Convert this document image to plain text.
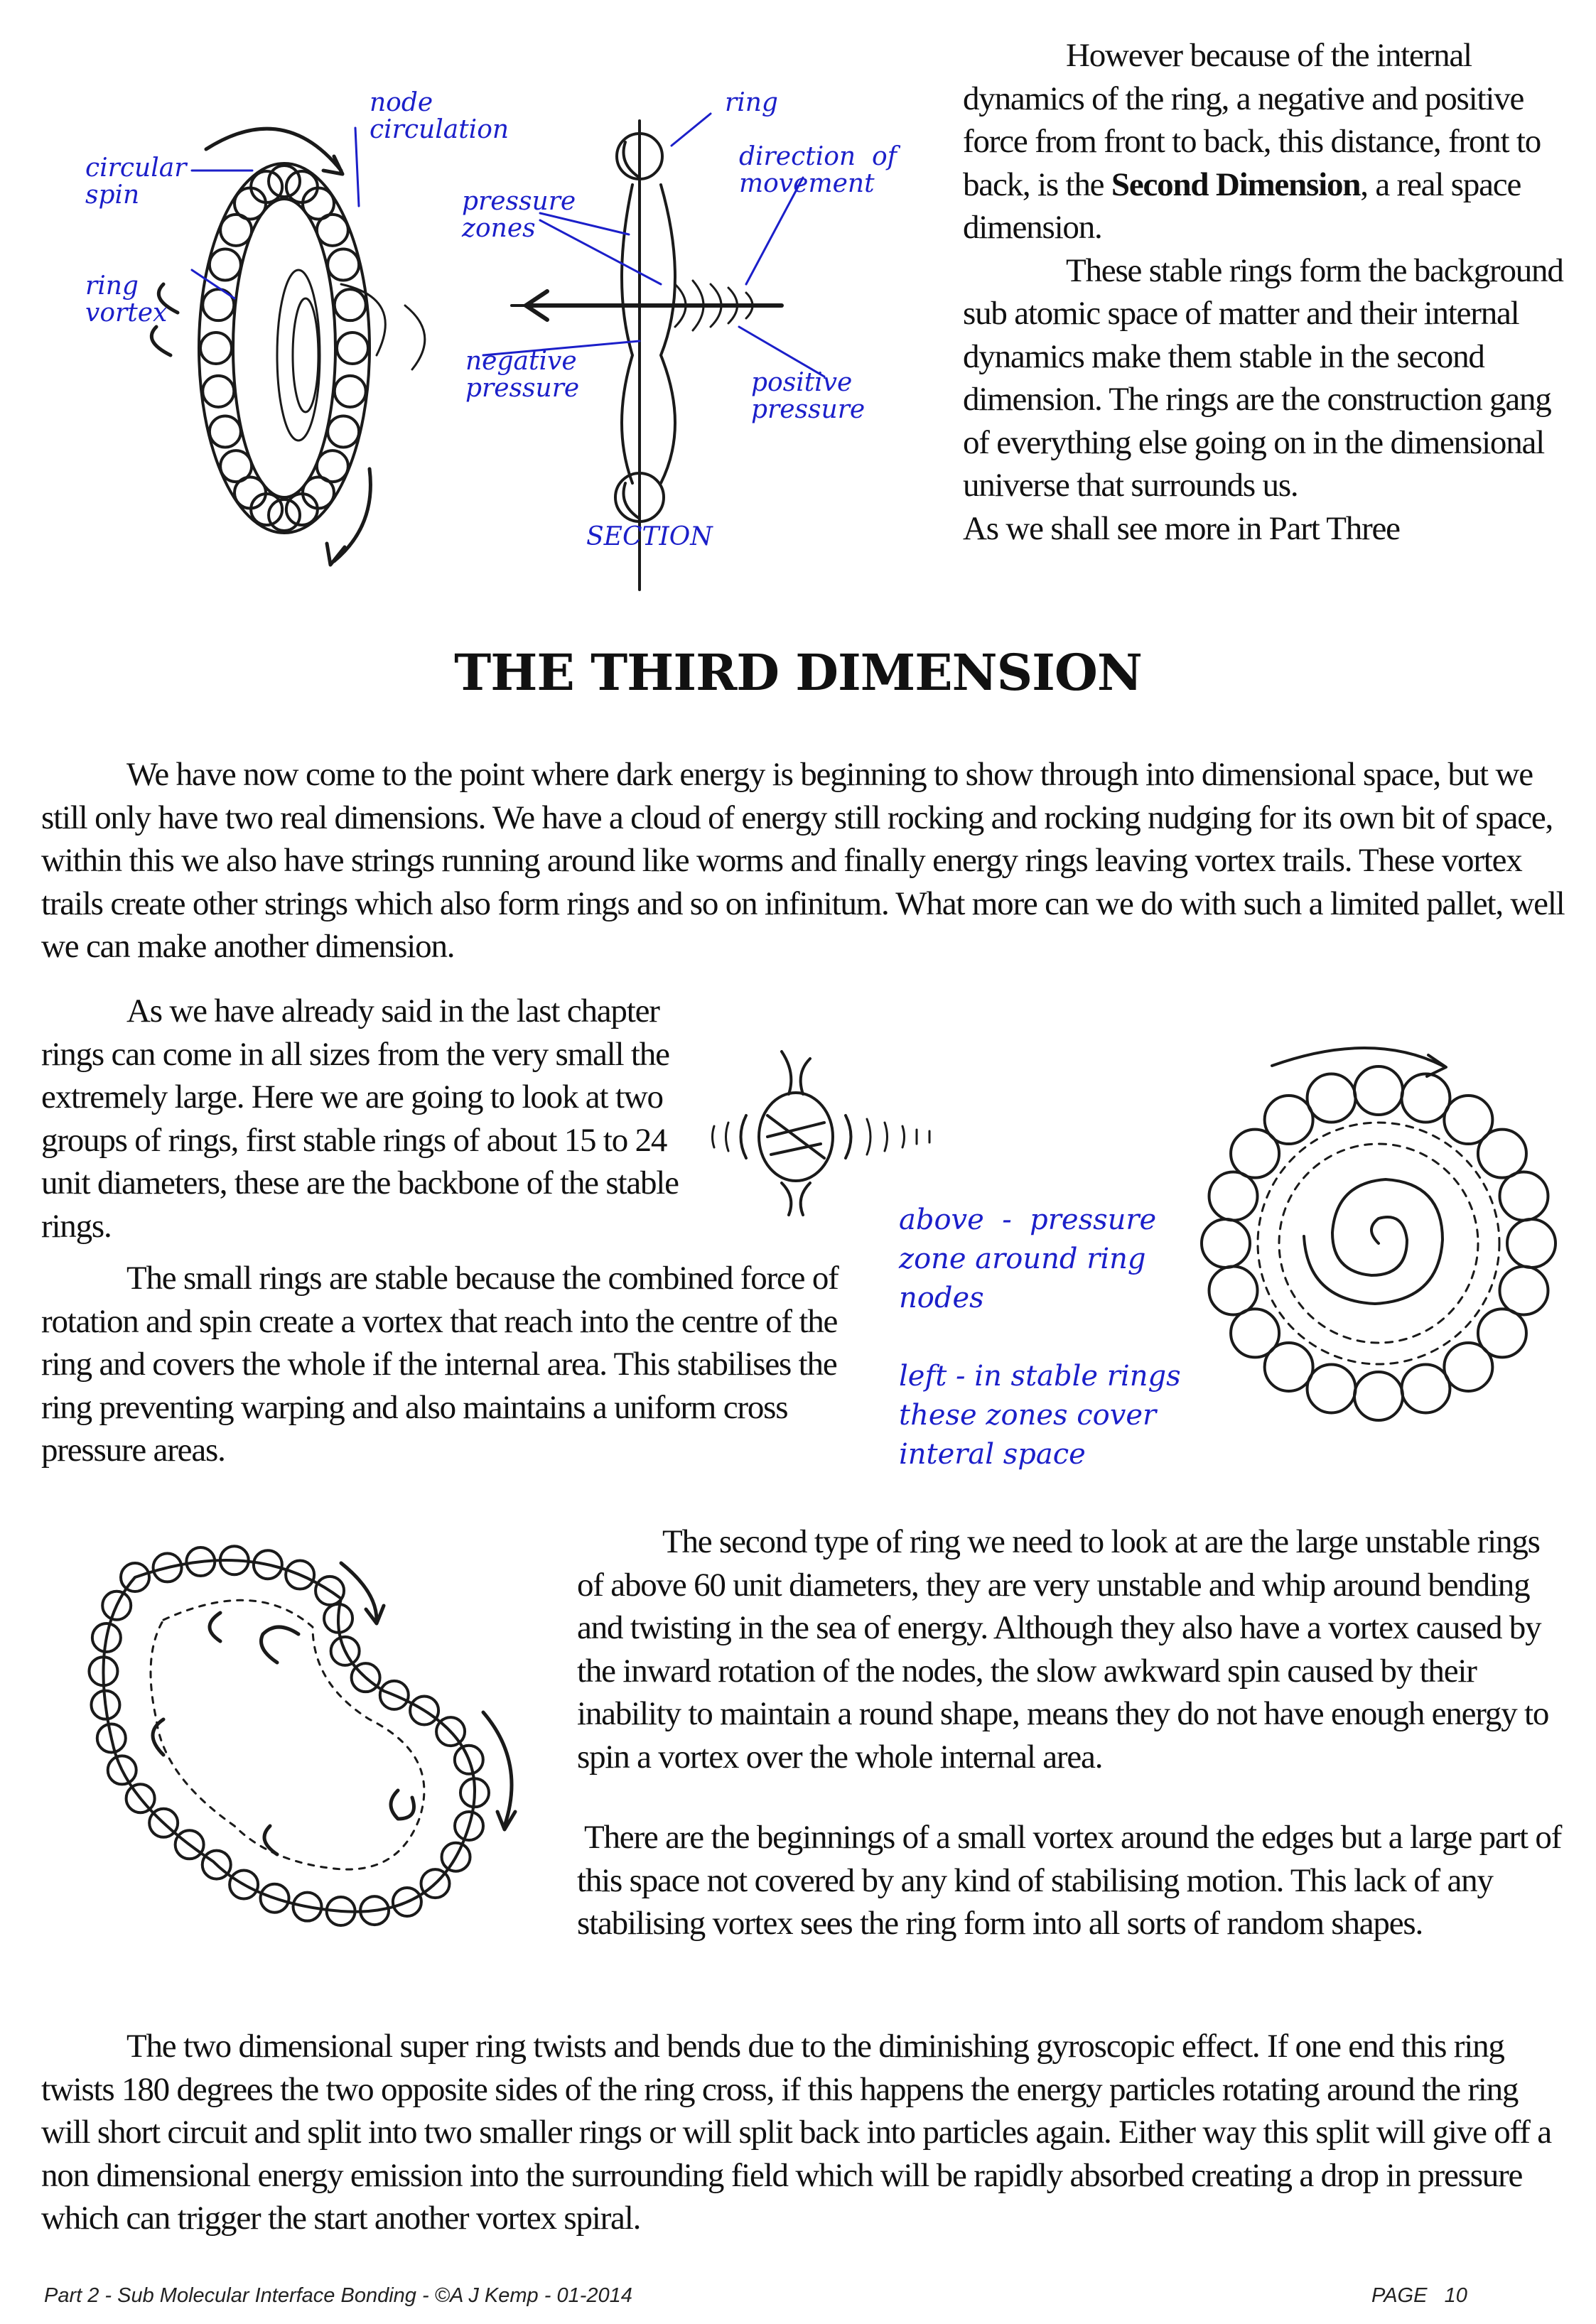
circular
spin
ring
vortex
node
circulation
pressure
zones
negative
pressure
ring
direction  of
movement
positive
pressure
SECTION

However because of the internal dynamics of the ring, a negative and positive force from front to back, this distance, front to back, is the Second Dimension, a real space dimension.

These stable rings form the background sub atomic space of matter and their internal dynamics make them stable in the second dimension. The rings are the construction gang of everything else going on in the dimensional universe that surrounds us.

As we shall see more in Part Three

THE THIRD DIMENSION

We have now come to the point where dark energy is beginning to show through into dimensional space, but we still only have two real dimensions. We have a cloud of energy still rocking and rocking nudging for its own bit of space, within this we also have strings running around like worms and finally energy rings leaving vortex trails. These vortex trails create other strings which also form rings and so on infinitum. What more can we do with such a limited pallet, well we can make another dimension.

As we have already said in the last chapter rings can come in all sizes from the very small the extremely large. Here we are going to look at two groups of rings, first stable rings of about 15 to 24 unit diameters, these are the backbone of the stable rings.

The small rings are stable because the combined force of rotation and spin create a vortex that reach into the centre of the ring and covers the whole if the internal area. This stabilises the ring preventing warping and also maintains a uniform cross pressure areas.

above  -  pressure
zone around ring
nodes
left - in stable rings
these zones cover
interal space

The second type of ring we need to look at are the large unstable rings of above 60 unit diameters, they are very unstable and whip around bending and twisting in the sea of energy. Although they also have a vortex caused by the inward rotation of the nodes, the slow awkward spin caused by their inability to maintain a round shape, means they do not have enough energy to spin a vortex over the whole internal area.

There are the beginnings of a small vortex around the edges but a large part of this space not covered by any kind of stabilising motion. This lack of any stabilising vortex sees the ring form into all sorts of random shapes.

The two dimensional super ring twists and bends due to the diminishing gyroscopic effect. If one end this ring twists 180 degrees the two opposite sides of the ring cross, if this happens the energy particles rotating around the ring will short circuit and split into two smaller rings or will split back into particles again. Either way this split will give off a non dimensional energy emission into the surrounding field which will be rapidly absorbed creating a drop in pressure which can trigger the start another vortex spiral.

Part 2 - Sub Molecular Interface Bonding - ©A J Kemp - 01-2014	PAGE   10
